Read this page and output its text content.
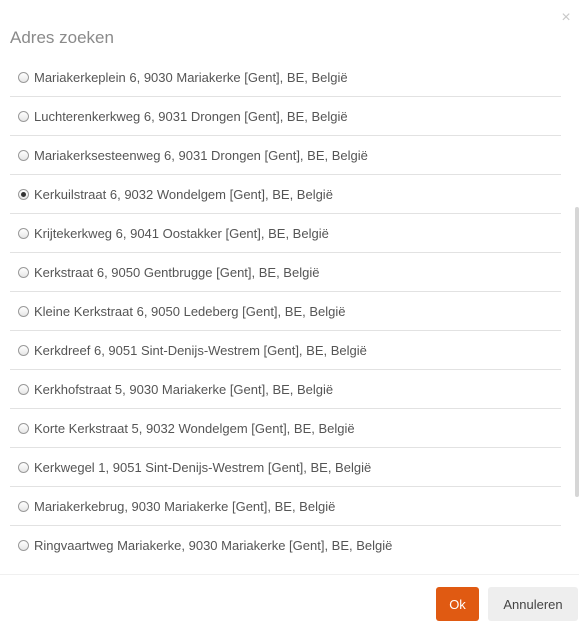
Adres zoeken
×
Mariakerkeplein 6, 9030 Mariakerke [Gent], BE, België
Luchterenkerkweg 6, 9031 Drongen [Gent], BE, België
Mariakerksesteenweg 6, 9031 Drongen [Gent], BE, België
Kerkuilstraat 6, 9032 Wondelgem [Gent], BE, België
Krijtekerkweg 6, 9041 Oostakker [Gent], BE, België
Kerkstraat 6, 9050 Gentbrugge [Gent], BE, België
Kleine Kerkstraat 6, 9050 Ledeberg [Gent], BE, België
Kerkdreef 6, 9051 Sint-Denijs-Westrem [Gent], BE, België
Kerkhofstraat 5, 9030 Mariakerke [Gent], BE, België
Korte Kerkstraat 5, 9032 Wondelgem [Gent], BE, België
Kerkwegel 1, 9051 Sint-Denijs-Westrem [Gent], BE, België
Mariakerkebrug, 9030 Mariakerke [Gent], BE, België
Ringvaartweg Mariakerke, 9030 Mariakerke [Gent], BE, België
Ok	Annuleren
